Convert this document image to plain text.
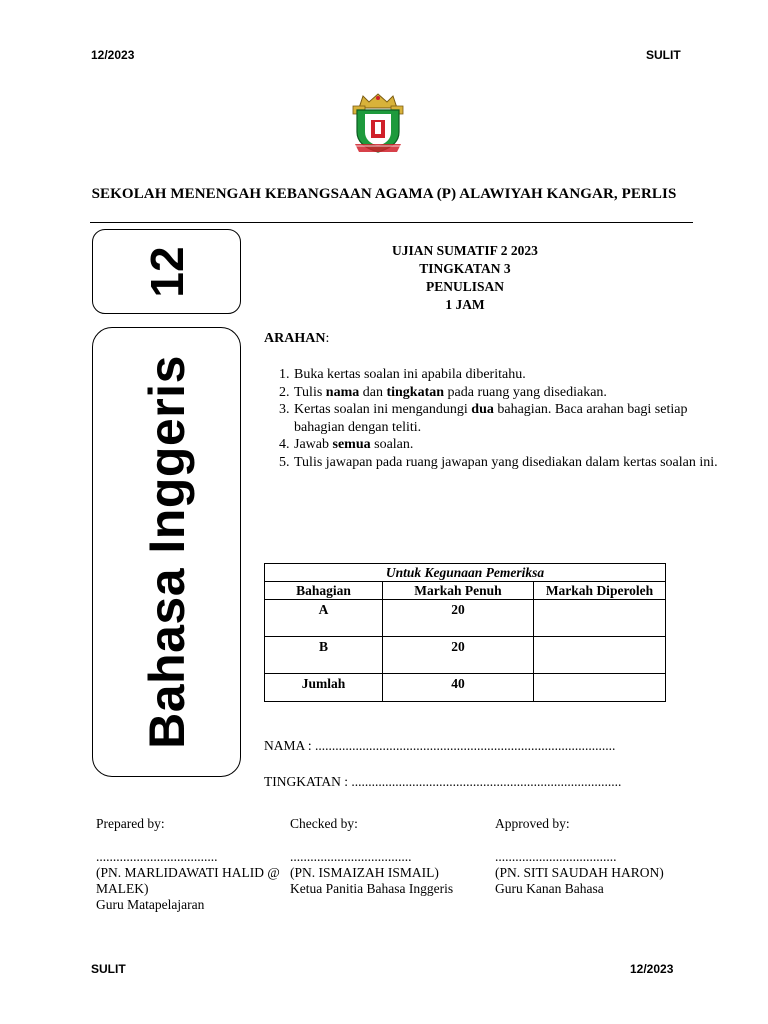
12/2023	SULIT
SEKOLAH MENENGAH KEBANGSAAN AGAMA (P) ALAWIYAH KANGAR, PERLIS
12
Bahasa Inggeris
UJIAN SUMATIF 2 2023
TINGKATAN 3
PENULISAN
1 JAM
ARAHAN:
1. Buka kertas soalan ini apabila diberitahu.
2. Tulis nama dan tingkatan pada ruang yang disediakan.
3. Kertas soalan ini mengandungi dua bahagian. Baca arahan bagi setiap bahagian dengan teliti.
4. Jawab semua soalan.
5. Tulis jawapan pada ruang jawapan yang disediakan dalam kertas soalan ini.
Untuk Kegunaan Pemeriksa		
Bahagian	Markah Penuh	Markah Diperoleh
A	20	
B	20	
Jumlah	40	
NAMA : .........................................................................................
TINGKATAN : ................................................................................
Prepared by:
....................................
(PN. MARLIDAWATI HALID @ MALEK)
Guru Matapelajaran
Checked by:
....................................
(PN. ISMAIZAH ISMAIL)
Ketua Panitia Bahasa Inggeris
Approved by:
....................................
(PN. SITI SAUDAH HARON)
Guru Kanan Bahasa
SULIT	12/2023
